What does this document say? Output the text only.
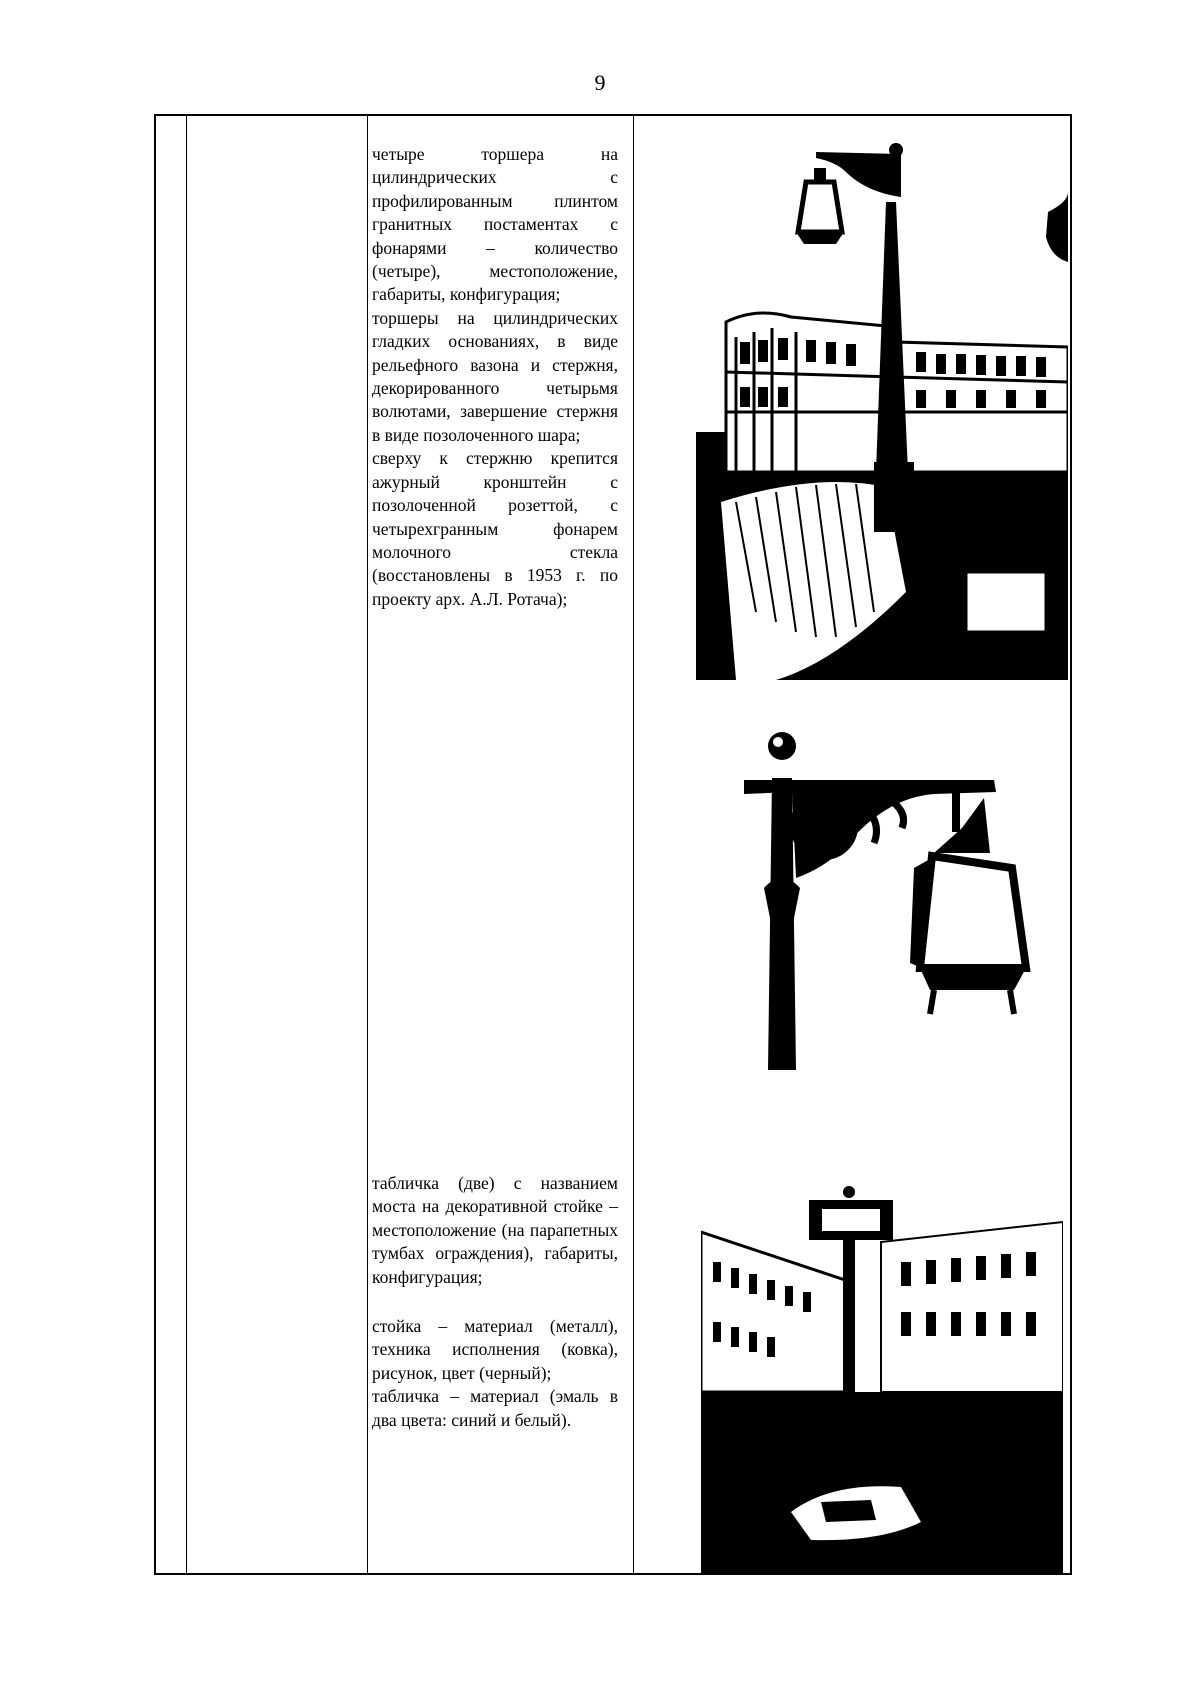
9

четыре торшера на цилиндрических с профилированным плинтом гранитных постаментах с фонарями – количество (четыре), местоположение, габариты, конфигурация;

торшеры на цилиндрических гладких основаниях, в виде рельефного вазона и стержня, декорированного четырьмя волютами, завершение стержня в виде позолоченного шара;

сверху к стержню крепится ажурный кронштейн с позолоченной розеттой, с четырехгранным фонарем молочного стекла (восстановлены в 1953 г. по проекту арх. А.Л. Ротача);

табличка (две) с названием моста на декоративной стойке – местоположение (на парапетных тумбах ограждения), габариты, конфигурация;

стойка – материал (металл), техника исполнения (ковка), рисунок, цвет (черный);

табличка – материал (эмаль в два цвета: синий и белый).
